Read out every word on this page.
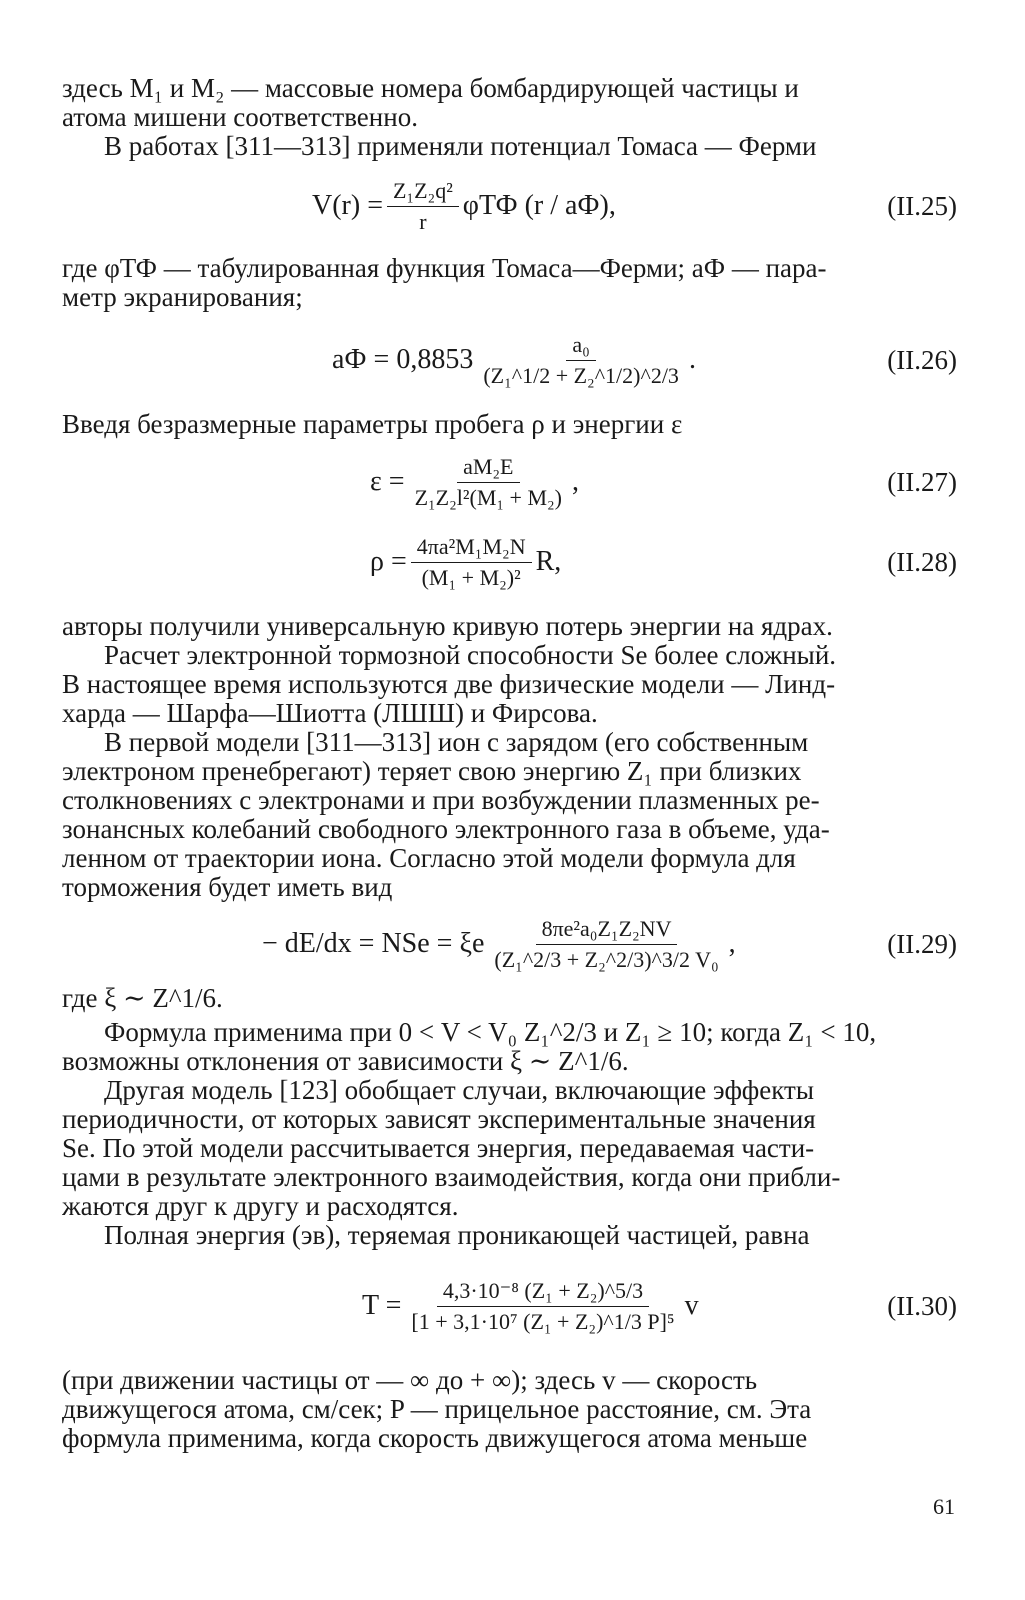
здесь M₁ и M₂ — массовые номера бомбардирующей частицы и
атома мишени соответственно.
В работах [311—313] применяли потенциал Томаса — Ферми
$V(r) = \frac{\text{Z₁Z₂q²}}{r}$ φТФ (r / aФ),	(II.25)
где φТФ — табулированная функция Томаса—Ферми; aФ — пара-
метр экранирования;
aФ = $0,8853 \frac{\text{a₀}}{\text{(Z₁\textasciicircum{}1/2 + Z₂\textasciicircum{}1/2)\textasciicircum{}2/3}}$ .	(II.26)
Введя безразмерные параметры пробега ρ и энергии ε
$\varepsilon = \frac{\text{aM₂E}}{\text{Z₁Z₂l²(M₁ + M₂)}}$ ,	(II.27)
$\rho = \frac{\text{4πa²M₁M₂N}}{\text{(M₁ + M₂)²}} R$,	(II.28)
авторы получили универсальную кривую потерь энергии на ядрах.
Расчет электронной тормозной способности Se более сложный.
В настоящее время используются две физические модели — Линд-
харда — Шарфа—Шиотта (ЛШШ) и Фирсова.
В первой модели [311—313] ион с зарядом (его собственным
электроном пренебрегают) теряет свою энергию Z₁ при близких
столкновениях с электронами и при возбуждении плазменных ре-
зонансных колебаний свободного электронного газа в объеме, уда-
ленном от траектории иона. Согласно этой модели формула для
торможения будет иметь вид
− dE/dx = NSe = ξe $\frac{\text{8πe²a₀Z₁Z₂NV}}{\text{(Z₁\textasciicircum{}2/3 + Z₂\textasciicircum{}2/3)\textasciicircum{}3/2 V₀}}$ ,	(II.29)
где ξ ∼ Z^1/6.
Формула применима при 0 < V < V₀ Z₁^2/3 и Z₁ ≥ 10; когда Z₁ < 10,
возможны отклонения от зависимости ξ ∼ Z^1/6.
Другая модель [123] обобщает случаи, включающие эффекты
периодичности, от которых зависят экспериментальные значения
Se. По этой модели рассчитывается энергия, передаваемая части-
цами в результате электронного взаимодействия, когда они прибли-
жаются друг к другу и расходятся.
Полная энергия (эв), теряемая проникающей частицей, равна
$T = \frac{\text{4,3·10⁻⁸ (Z₁ + Z₂)\textasciicircum{}5/3}}{\text{[1 + 3,1·10⁷ (Z₁ + Z₂)\textasciicircum{}1/3 P]⁵}}$ v	(II.30)
(при движении частицы от — ∞ до + ∞); здесь v — скорость
движущегося атома, см/сек; P — прицельное расстояние, см. Эта
формула применима, когда скорость движущегося атома меньше
61
